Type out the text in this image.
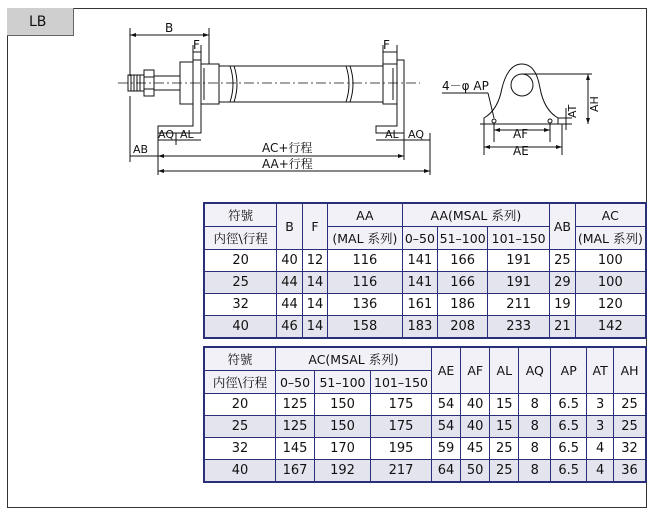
LB	B
F	F
AQ AL
AB
AL AQ
AC+行程
AA+行程
4－φ AP
AT AH
AF
AE
符號	B	F	AA	AA(MSAL 系列)			AB	AC
内徑\行程			(MAL 系列)	0–50	51–100	101–150		(MAL 系列)
20	40	12	116	141	166	191	25	100
25	44	14	116	141	166	191	29	100
32	44	14	136	161	186	211	19	120
40	46	14	158	183	208	233	21	142
符號	AC(MSAL 系列)			AE	AF	AL	AQ	AP	AT	AH
内徑\行程	0–50	51–100	101–150							
20	125	150	175	54	40	15	8	6.5	3	25
25	125	150	175	54	40	15	8	6.5	3	25
32	145	170	195	59	45	25	8	6.5	4	32
40	167	192	217	64	50	25	8	6.5	4	36
